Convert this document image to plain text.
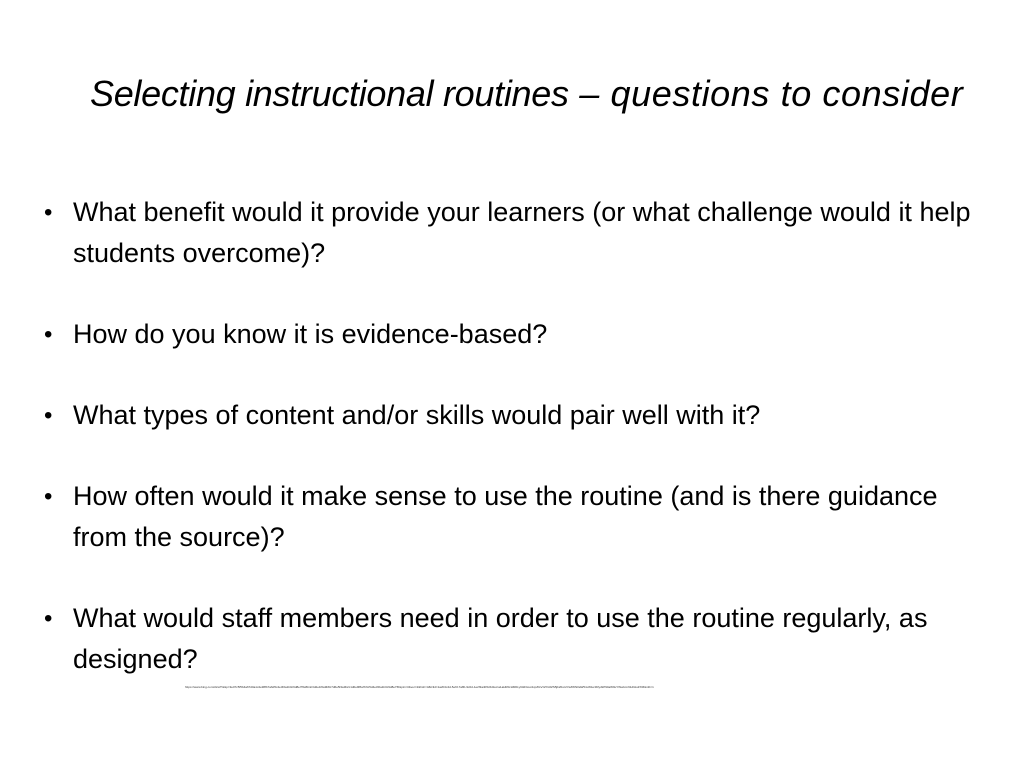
Selecting instructional routines – questions to consider
• What benefit would it provide your learners (or what challenge would it help students overcome)?
• How do you know it is evidence-based?
• What types of content and/or skills would pair well with it?
• How often would it make sense to use the routine (and is there guidance from the source)?
• What would staff members need in order to use the routine regularly, as designed?
https://www.bing.com/ck/a?!&&p=3e07c5f5b4a67d0a1c2e9f8b7a6d5c4e3f2a1b0c9d8e7f6a5b4c3d2e1f0a9b8c7d6e5f4a3b2c1d0e9f8a7b6c5d4e3f2a1b0c9d8e7f6&ptn=3&ver=2&hsh=3&fclid=1a2b3c4d-5e6f-7a8b-9c0d-1e2f3a4b5c6d&u=a1aHR0cHM6Ly93d3cuc2xpZGVzZXJ2ZS5jb20vc2VsZWN0aW5nLWluc3RydWN0aW9uYWwtcm91dGluZXM&ntb=1
